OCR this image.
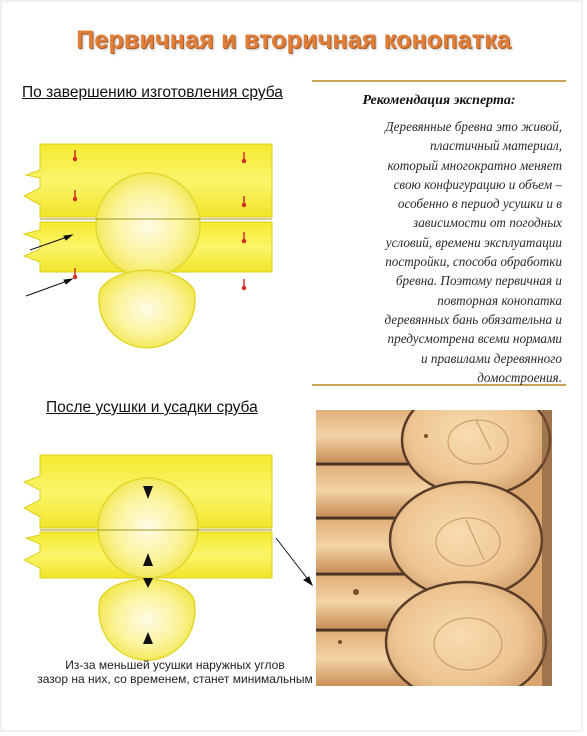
Первичная и вторичная конопатка
По завершению изготовления сруба	Рекомендация эксперта:
Деревянные бревна это живой,
пластичный материал,
который многократно меняет
свою конфигурацию и объем –
особенно в период усушки и в
зависимости от погодных
условий, времени эксплуатации
постройки, способа обработки
бревна. Поэтому первичная и
повторная конопатка
деревянных бань обязательна и
предусмотрена всеми нормами
и правилами деревянного
домостроения.
После усушки и усадки сруба
Из-за меньшей усушки наружных углов
зазор на них, со временем, станет минимальным
